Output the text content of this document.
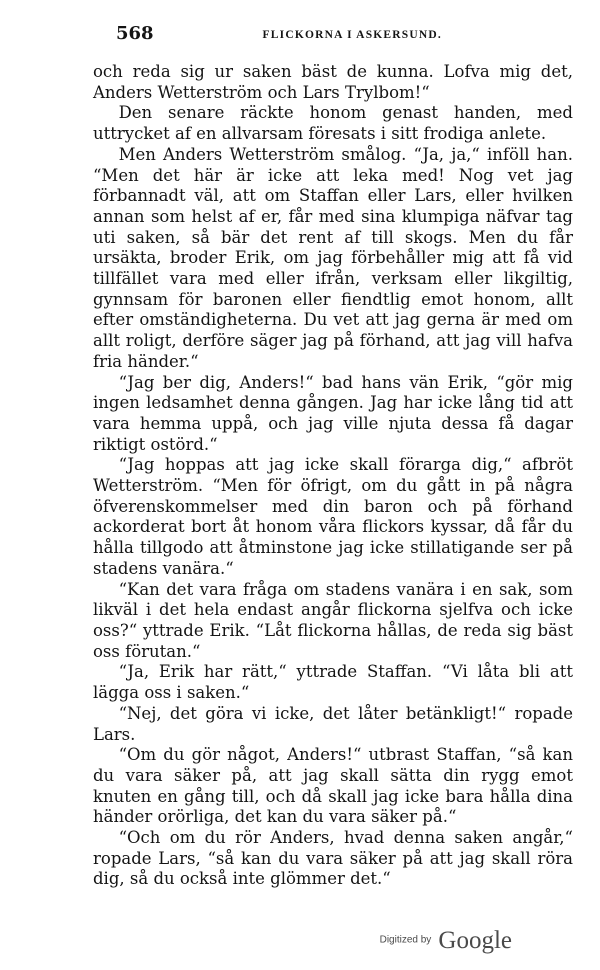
568	FLICKORNA I ASKERSUND.

och reda sig ur saken bäst de kunna. Lofva mig det, Anders Wetterström och Lars Trylbom!“

Den senare räckte honom genast handen, med uttrycket af en allvarsam föresats i sitt frodiga anlete.

Men Anders Wetterström smålog. “Ja, ja,“ inföll han. “Men det här är icke att leka med! Nog vet jag förbannadt väl, att om Staffan eller Lars, eller hvilken annan som helst af er, får med sina klumpiga näfvar tag uti saken, så bär det rent af till skogs. Men du får ursäkta, broder Erik, om jag förbehåller mig att få vid tillfället vara med eller ifrån, verksam eller likgiltig, gynnsam för baronen eller fiendtlig emot honom, allt efter omständigheterna. Du vet att jag gerna är med om allt roligt, derföre säger jag på förhand, att jag vill hafva fria händer.“

“Jag ber dig, Anders!“ bad hans vän Erik, “gör mig ingen ledsamhet denna gången. Jag har icke lång tid att vara hemma uppå, och jag ville njuta dessa få dagar riktigt ostörd.“

“Jag hoppas att jag icke skall förarga dig,“ afbröt Wetterström. “Men för öfrigt, om du gått in på några öfverenskommelser med din baron och på förhand ackorderat bort åt honom våra flickors kyssar, då får du hålla tillgodo att åtminstone jag icke stillatigande ser på stadens vanära.“

“Kan det vara fråga om stadens vanära i en sak, som likväl i det hela endast angår flickorna sjelfva och icke oss?“ yttrade Erik. “Låt flickorna hållas, de reda sig bäst oss förutan.“

“Ja, Erik har rätt,“ yttrade Staffan. “Vi låta bli att lägga oss i saken.“

“Nej, det göra vi icke, det låter betänkligt!“ ropade Lars.

“Om du gör något, Anders!“ utbrast Staffan, “så kan du vara säker på, att jag skall sätta din rygg emot knuten en gång till, och då skall jag icke bara hålla dina händer orörliga, det kan du vara säker på.“

“Och om du rör Anders, hvad denna saken angår,“ ropade Lars, “så kan du vara säker på att jag skall röra dig, så du också inte glömmer det.“

Digitized by Google
